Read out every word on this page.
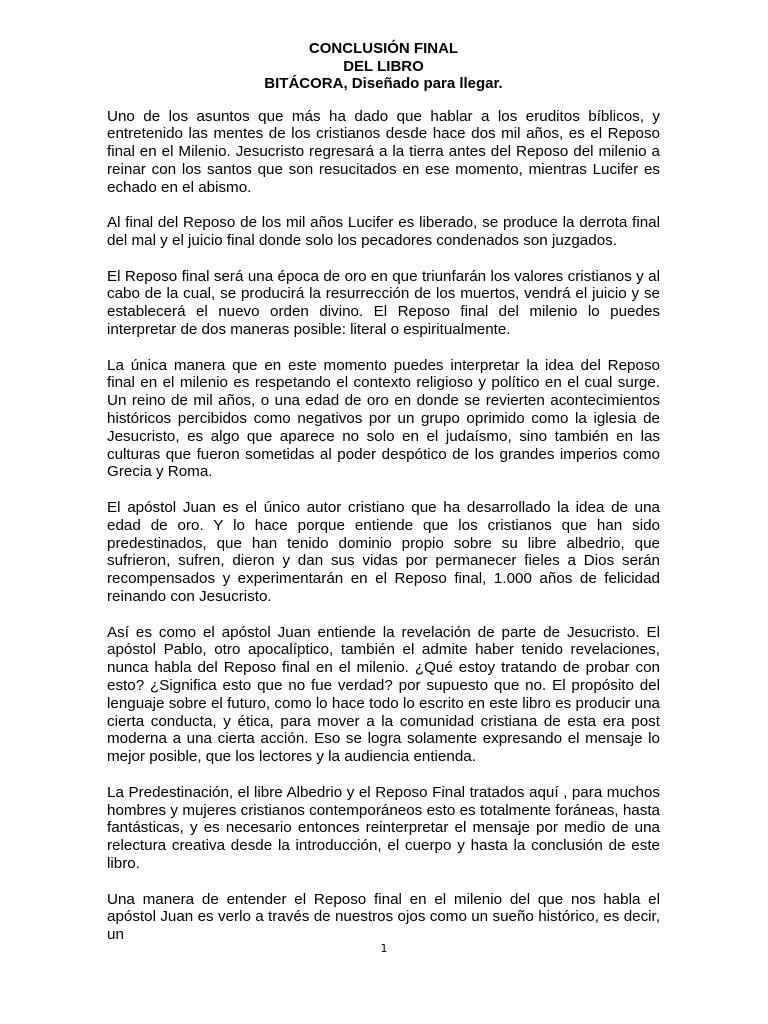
CONCLUSIÓN FINAL
DEL LIBRO
BITÁCORA, Diseñado para llegar.

Uno de los asuntos que más ha dado que hablar a los eruditos bíblicos, y entretenido las mentes de los cristianos desde hace dos mil años, es el Reposo final en el Milenio. Jesucristo regresará a la tierra antes del Reposo del milenio a reinar con los santos que son resucitados en ese momento, mientras Lucifer es echado en el abismo.

Al final del Reposo de los mil años Lucifer es liberado, se produce la derrota final del mal y el juicio final donde solo los pecadores condenados son juzgados.

El Reposo final será una época de oro en que triunfarán los valores cristianos y al cabo de la cual, se producirá la resurrección de los muertos, vendrá el juicio y se establecerá el nuevo orden divino. El Reposo final del milenio lo puedes interpretar de dos maneras posible: literal o espiritualmente.

La única manera que en este momento puedes interpretar la idea del Reposo final en el milenio es respetando el contexto religioso y político en el cual surge. Un reino de mil años, o una edad de oro en donde se revierten acontecimientos históricos percibidos como negativos por un grupo oprimido como la iglesia de Jesucristo, es algo que aparece no solo en el judaísmo, sino también en las culturas que fueron sometidas al poder despótico de los grandes imperios como Grecia y Roma.

El apóstol Juan es el único autor cristiano que ha desarrollado la idea de una edad de oro. Y lo hace porque entiende que los cristianos que han sido predestinados, que han tenido dominio propio sobre su libre albedrio, que sufrieron, sufren, dieron y dan sus vidas por permanecer fieles a Dios serán recompensados y experimentarán en el Reposo final, 1.000 años de felicidad reinando con Jesucristo.

Así es como el apóstol Juan entiende la revelación de parte de Jesucristo. El apóstol Pablo, otro apocalíptico, también el admite haber tenido revelaciones, nunca habla del Reposo final en el milenio. ¿Qué estoy tratando de probar con esto? ¿Significa esto que no fue verdad? por supuesto que no. El propósito del lenguaje sobre el futuro, como lo hace todo lo escrito en este libro es producir una cierta conducta, y ética, para mover a la comunidad cristiana de esta era post moderna a una cierta acción. Eso se logra solamente expresando el mensaje lo mejor posible, que los lectores y la audiencia entienda.

La Predestinación, el libre Albedrio y el Reposo Final tratados aquí , para muchos hombres y mujeres cristianos contemporáneos esto es totalmente foráneas, hasta fantásticas, y es necesario entonces reinterpretar el mensaje por medio de una relectura creativa desde la introducción, el cuerpo y hasta la conclusión de este libro.

Una manera de entender el Reposo final en el milenio del que nos habla el apóstol Juan es verlo a través de nuestros ojos como un sueño histórico, es decir, un

1
